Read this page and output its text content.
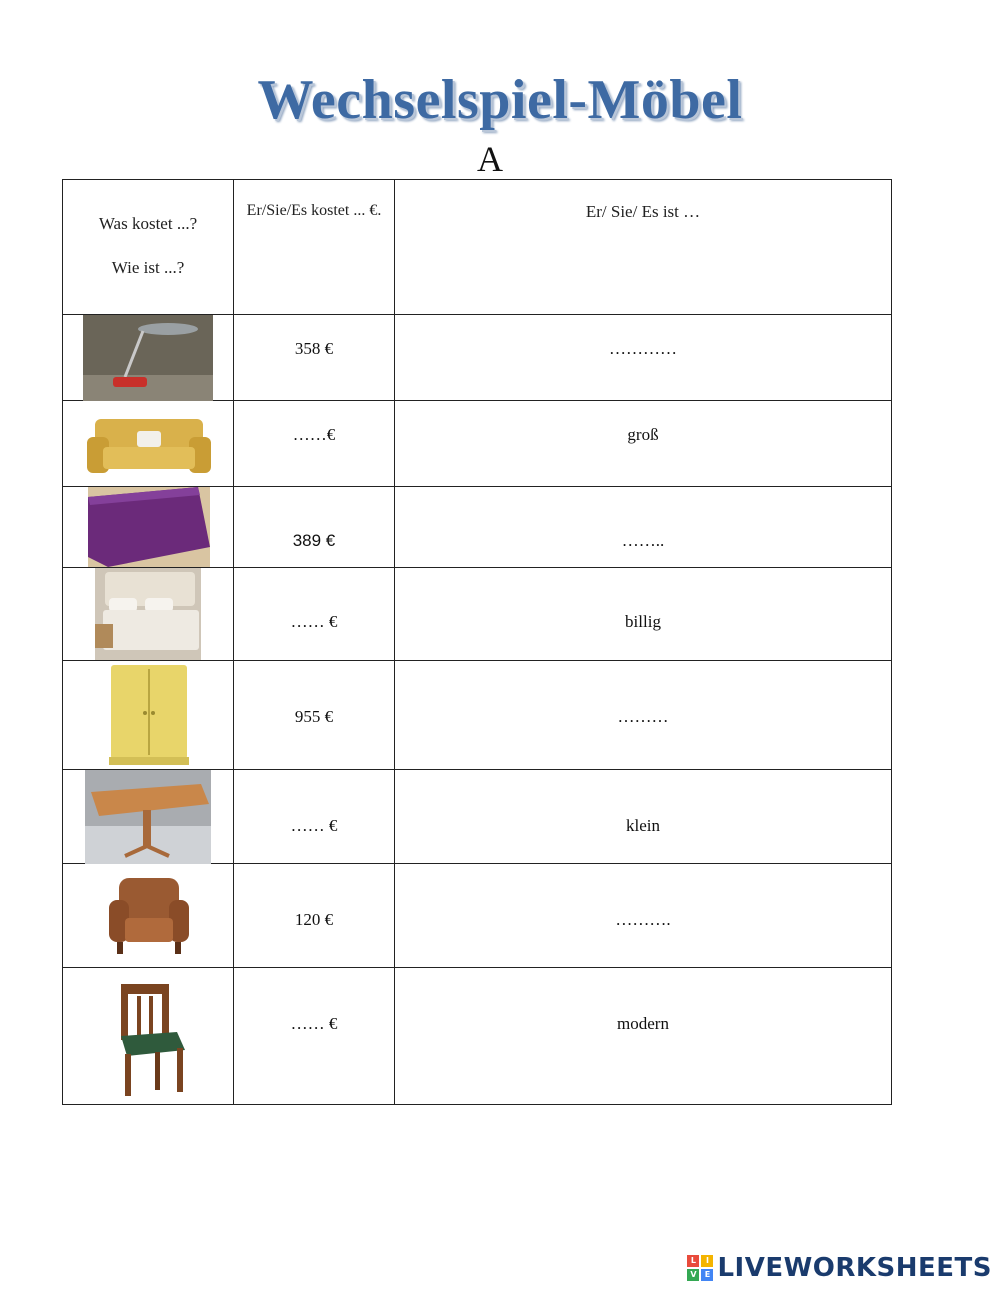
Wechselspiel-Möbel
A
Was kostet ...?
Wie ist ...?	Er/Sie/Es kostet ... €.	Er/ Sie/ Es ist …

358 €	…………

……€	groß

389 €	……..

…… €	billig

955 €	………

…… €	klein

120 €	……….

…… €	modern
L	I
V	E LIVEWORKSHEETS
